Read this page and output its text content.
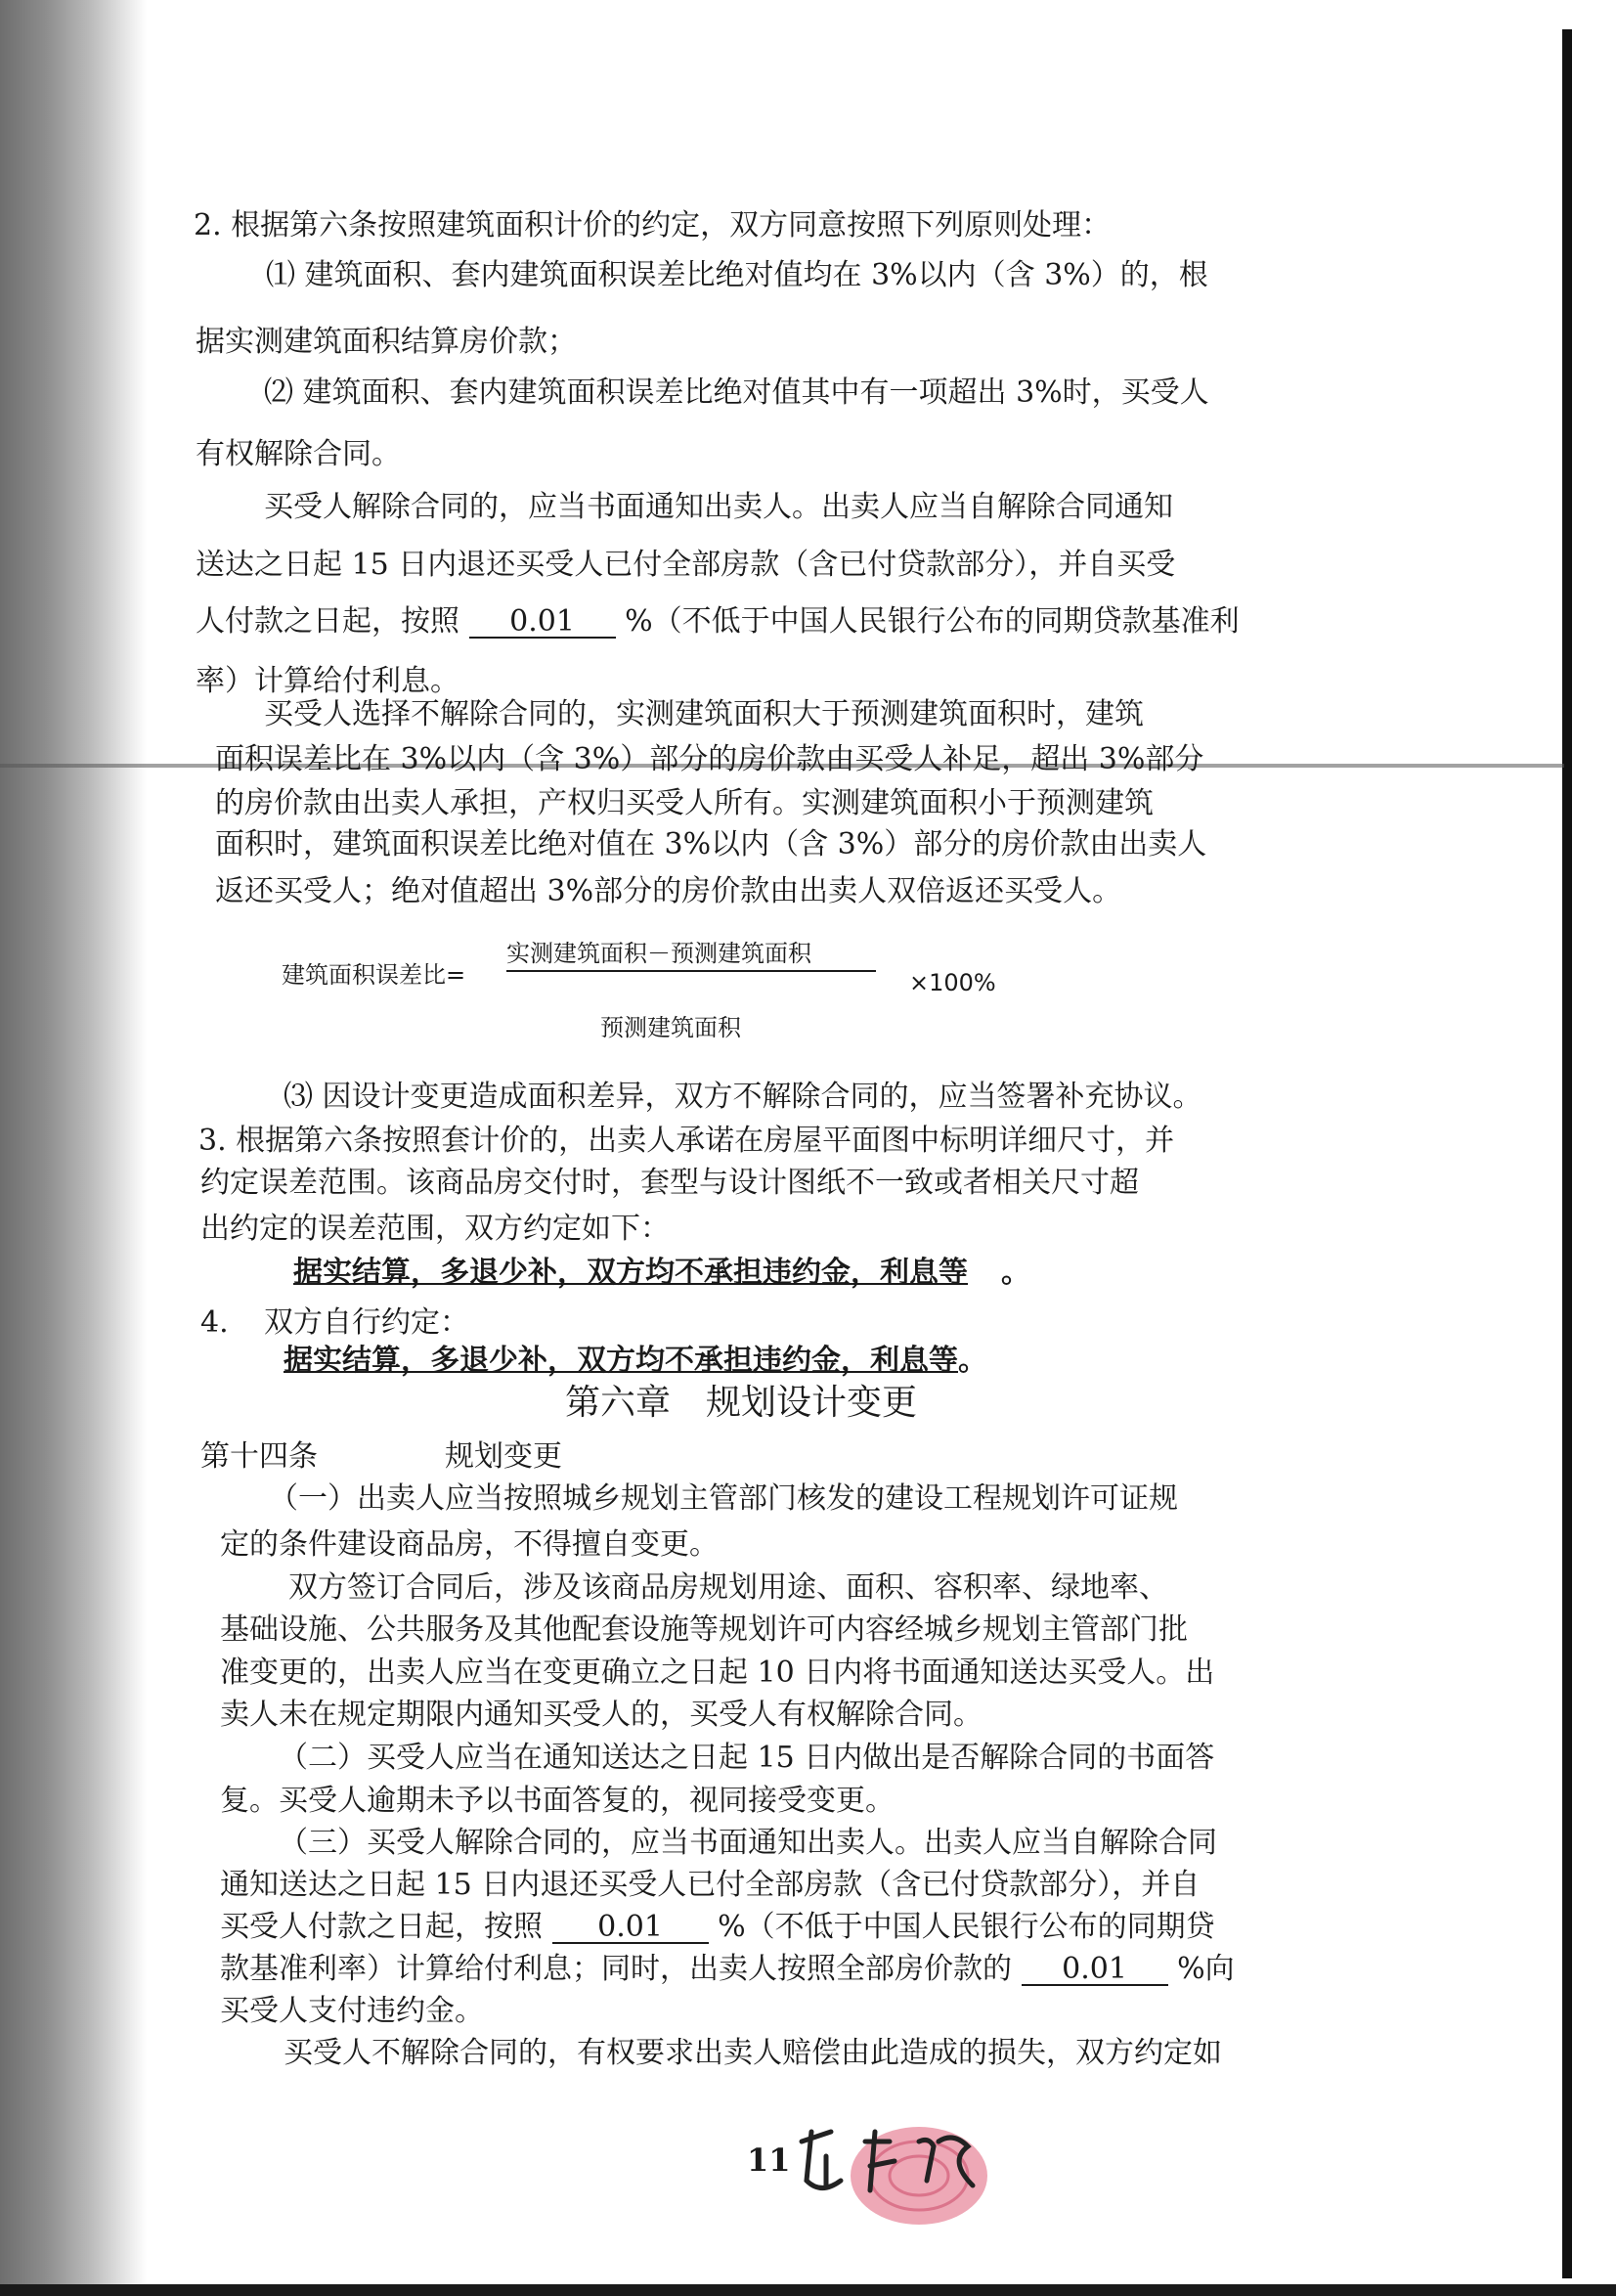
2. 根据第六条按照建筑面积计价的约定，双方同意按照下列原则处理：
⑴ 建筑面积、套内建筑面积误差比绝对值均在 3%以内（含 3%）的，根
据实测建筑面积结算房价款；
⑵ 建筑面积、套内建筑面积误差比绝对值其中有一项超出 3%时，买受人
有权解除合同。
买受人解除合同的，应当书面通知出卖人。出卖人应当自解除合同通知
送达之日起 15 日内退还买受人已付全部房款（含已付贷款部分），并自买受
人付款之日起，按照 0.01 %（不低于中国人民银行公布的同期贷款基准利
率）计算给付利息。
买受人选择不解除合同的，实测建筑面积大于预测建筑面积时，建筑
面积误差比在 3%以内（含 3%）部分的房价款由买受人补足，超出 3%部分
的房价款由出卖人承担，产权归买受人所有。实测建筑面积小于预测建筑
面积时，建筑面积误差比绝对值在 3%以内（含 3%）部分的房价款由出卖人
返还买受人；绝对值超出 3%部分的房价款由出卖人双倍返还买受人。
建筑面积误差比=
实测建筑面积－预测建筑面积
×100%
预测建筑面积
⑶ 因设计变更造成面积差异，双方不解除合同的，应当签署补充协议。
3. 根据第六条按照套计价的，出卖人承诺在房屋平面图中标明详细尺寸，并
约定误差范围。该商品房交付时，套型与设计图纸不一致或者相关尺寸超
出约定的误差范围，双方约定如下：
据实结算，多退少补，双方均不承担违约金，利息等 。
4. 双方自行约定：
据实结算，多退少补，双方均不承担违约金，利息等。
第六章　规划设计变更
第十四条	规划变更
（一）出卖人应当按照城乡规划主管部门核发的建设工程规划许可证规
定的条件建设商品房，不得擅自变更。
双方签订合同后，涉及该商品房规划用途、面积、容积率、绿地率、
基础设施、公共服务及其他配套设施等规划许可内容经城乡规划主管部门批
准变更的，出卖人应当在变更确立之日起 10 日内将书面通知送达买受人。出
卖人未在规定期限内通知买受人的，买受人有权解除合同。
（二）买受人应当在通知送达之日起 15 日内做出是否解除合同的书面答
复。买受人逾期未予以书面答复的，视同接受变更。
（三）买受人解除合同的，应当书面通知出卖人。出卖人应当自解除合同
通知送达之日起 15 日内退还买受人已付全部房款（含已付贷款部分），并自
买受人付款之日起，按照 0.01 %（不低于中国人民银行公布的同期贷
款基准利率）计算给付利息；同时，出卖人按照全部房价款的 0.01 %向
买受人支付违约金。
买受人不解除合同的，有权要求出卖人赔偿由此造成的损失，双方约定如
11
